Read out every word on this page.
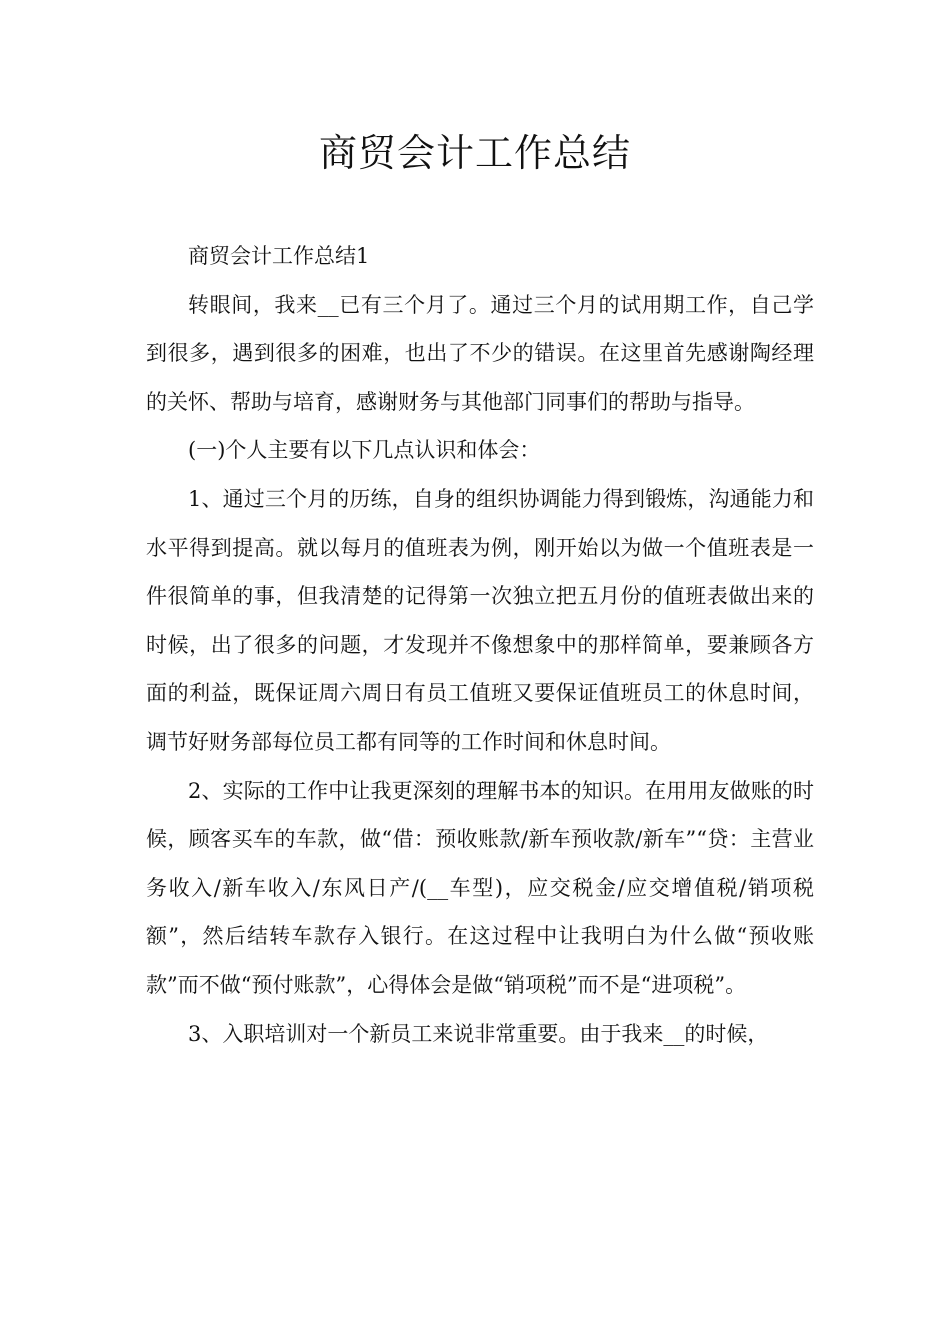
商贸会计工作总结

商贸会计工作总结1

转眼间，我来__已有三个月了。通过三个月的试用期工作，自己学到很多，遇到很多的困难，也出了不少的错误。在这里首先感谢陶经理的关怀、帮助与培育，感谢财务与其他部门同事们的帮助与指导。

(一)个人主要有以下几点认识和体会：

1、通过三个月的历练，自身的组织协调能力得到锻炼，沟通能力和水平得到提高。就以每月的值班表为例，刚开始以为做一个值班表是一件很简单的事，但我清楚的记得第一次独立把五月份的值班表做出来的时候，出了很多的问题，才发现并不像想象中的那样简单，要兼顾各方面的利益，既保证周六周日有员工值班又要保证值班员工的休息时间，调节好财务部每位员工都有同等的工作时间和休息时间。

2、实际的工作中让我更深刻的理解书本的知识。在用用友做账的时候，顾客买车的车款，做“借：预收账款/新车预收款/新车”“贷：主营业务收入/新车收入/东风日产/(__车型)，应交税金/应交增值税/销项税额”，然后结转车款存入银行。在这过程中让我明白为什么做“预收账款”而不做“预付账款”，心得体会是做“销项税”而不是“进项税”。

3、入职培训对一个新员工来说非常重要。由于我来__的时候，
